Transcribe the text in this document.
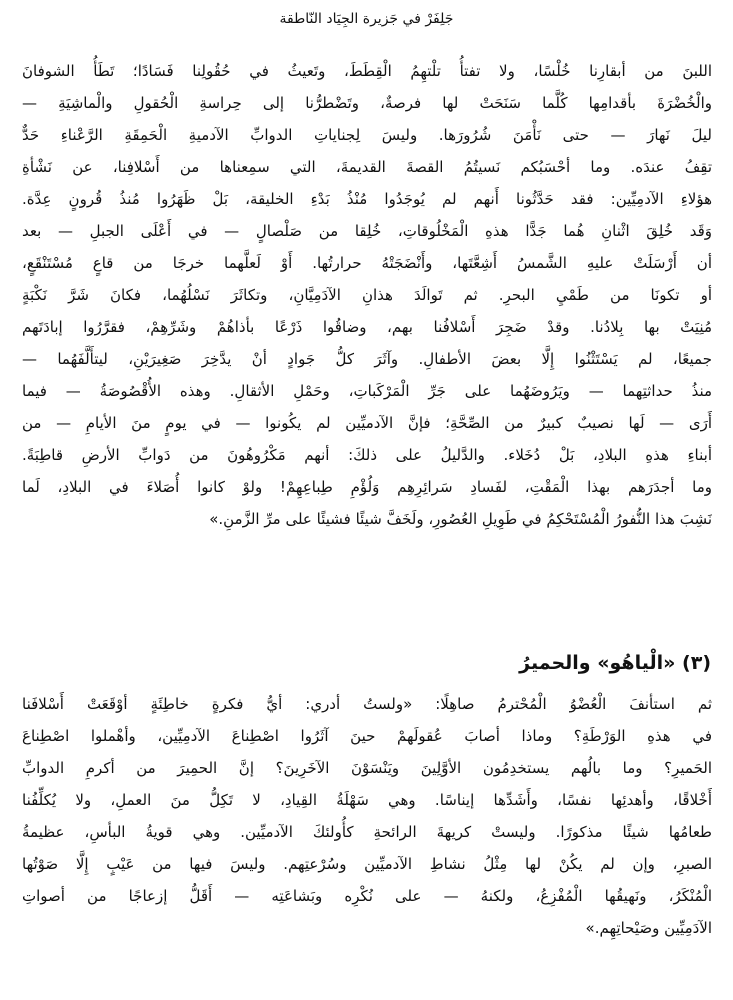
جَلِفَرْ في جَزيرة الجِيَاد النّاطقة
اللبنَ من أبقارِنا خُلْسًا، ولا تفتأُ تلْتهِمُ الْقِطَطَ، وتَعيثُ في حُقُولِنا فَسَادًا؛ تَطَأُ الشوفانَ
والْخُضْرَةَ بأقدامِها كُلَّما سَنَحَتْ لها فرصةٌ، وتَضْطرُّنا إلى حِراسةِ الْحُقولِ والْماشِيَةِ —
ليلَ نَهارَ — حتى نَأْمَنَ شُرُورَها. وليسَ لِجناياتِ الدوابِّ الآدميةِ الْحَمِقَةِ الرَّعْناءِ حَدٌّ
تقِفُ عندَه. وما أحْسَبُكم نَسيتُمُ القصةَ القديمةَ، التي سمِعناها من أَسْلافِنا، عن نَشْأةِ
هؤلاءِ الآدمِيِّين: فقد حَدَّثُونا أَنهم لم يُوجَدُوا مُنْذُ بَدْءِ الخليقة، بَلْ ظَهَرُوا مُنذُ قُرونٍ عِدَّة.
وَقَد خُلِقَ اثْنانِ هُما جَدًّا هذهِ الْمَخْلُوقاتِ، خُلِقا من صَلْصالٍ — في أَعْلَى الجبلِ — بعد
أن أَرْسَلَتْ عليهِ الشَّمسُ أَشِعَّتَها، وأَنْضَجَتْهُ حرارتُها. أَوْ لَعلَّهما خرجَا من قاعٍ مُسْتَنْقَعٍ،
أو تكونَا من طَمْيِ البحرِ. ثم تَوالَدَ هذانِ الآدَمِيَّانِ، وتكاثَرَ نَسْلُهُما، فكانَ شَرَّ نَكْبَةٍ
مُنِيَتْ بها بِلادُنا. وقدْ ضَجِرَ أَسْلافُنا بهم، وضاقُوا ذَرْعًا بأذاهُمْ وشَرِّهِمْ، فقرَّرُوا إبادَتَهم
جميعًا، لم يَسْتَثْنُوا إِلَّا بعضَ الأطفالِ. وآثَرَ كلُّ جَوادٍ أنْ يدَّخِرَ صَغِيرَيْنِ، ليتأَلَّفَهُما —
منذُ حداثتِهما — ويَرُوضَهُما على جَرِّ الْمَرْكَباتِ، وحَمْلِ الأثقالِ. وهذه الأُقْصُوصَةُ — فيما
أَرَى — لَها نصيبٌ كبيرٌ من الصِّحَّةِ؛ فإنَّ الآدميِّين لم يكُونوا — في يومٍ منَ الأيامِ — من
أبناءِ هذهِ البلادِ، بَلْ دُخَلاء. والدَّليلُ على ذلكَ: أنهم مَكْرُوهُونَ من دَوابِّ الأرضِ قاطِبَةً.
وما أجدَرَهم بهذا الْمَقْتِ، لفَسادِ سَرائِرِهِم وَلُؤْمِ طِباعِهِمْ! ولوْ كانوا أُصَلاءَ في البلادِ، لَما
نَشِبَ هذا النُّفورُ الْمُسْتَحْكِمُ في طَوِيلِ العُصُورِ، ولَخَفَّ شيئًا فشيئًا على مرِّ الزَّمنِ.»
(٣) «الْياهُو» والحميرُ
ثم استأنفَ الْعُضْوُ الْمُحْترمُ صاهِلًا: «ولستُ أدري: أيُّ فكرةٍ خاطِئَةٍ أوْقَعَتْ أَسْلافَنا
في هذهِ الوَرْطَةِ؟ وماذا أصابَ عُقولَهمْ حينَ آثَرُوا اصْطِناعَ الآدمِيِّين، وأهْملوا اصْطِناعَ
الحَميرِ؟ وما بالُهم يستخدِمُون الأوَّلِينَ ويَنْسَوْنَ الآخَرِينَ؟ إنَّ الحمِيرَ من أكرمِ الدوابِّ
أَخْلاقًا، وأهدئِها نفسًا، وأَشَدِّها إيناسًا. وهي سَهْلَةُ القِيادِ، لا تَكِلُّ منَ العملِ، ولا يُكلِّفُنا
طعامُها شيئًا مذكورًا. وليستْ كريهةَ الرائحةِ كأُولئكَ الآدميِّين. وهي قويةُ البأسِ، عظيمةُ
الصبرِ، وإن لم يكُنْ لها مِثْلُ نشاطِ الآدميِّين وسُرْعتِهم. وليسَ فيها من عَيْبٍ إِلَّا صَوْتُها
الْمُنْكَرُ، ونَهيقُها الْمُفْزِعُ، ولكنهُ — على نُكْرِه وبَشاعَتِه — أَقَلُّ إزعاجًا من أصواتِ
الآدَمِيِّين وصَيْحاتِهِم.»
